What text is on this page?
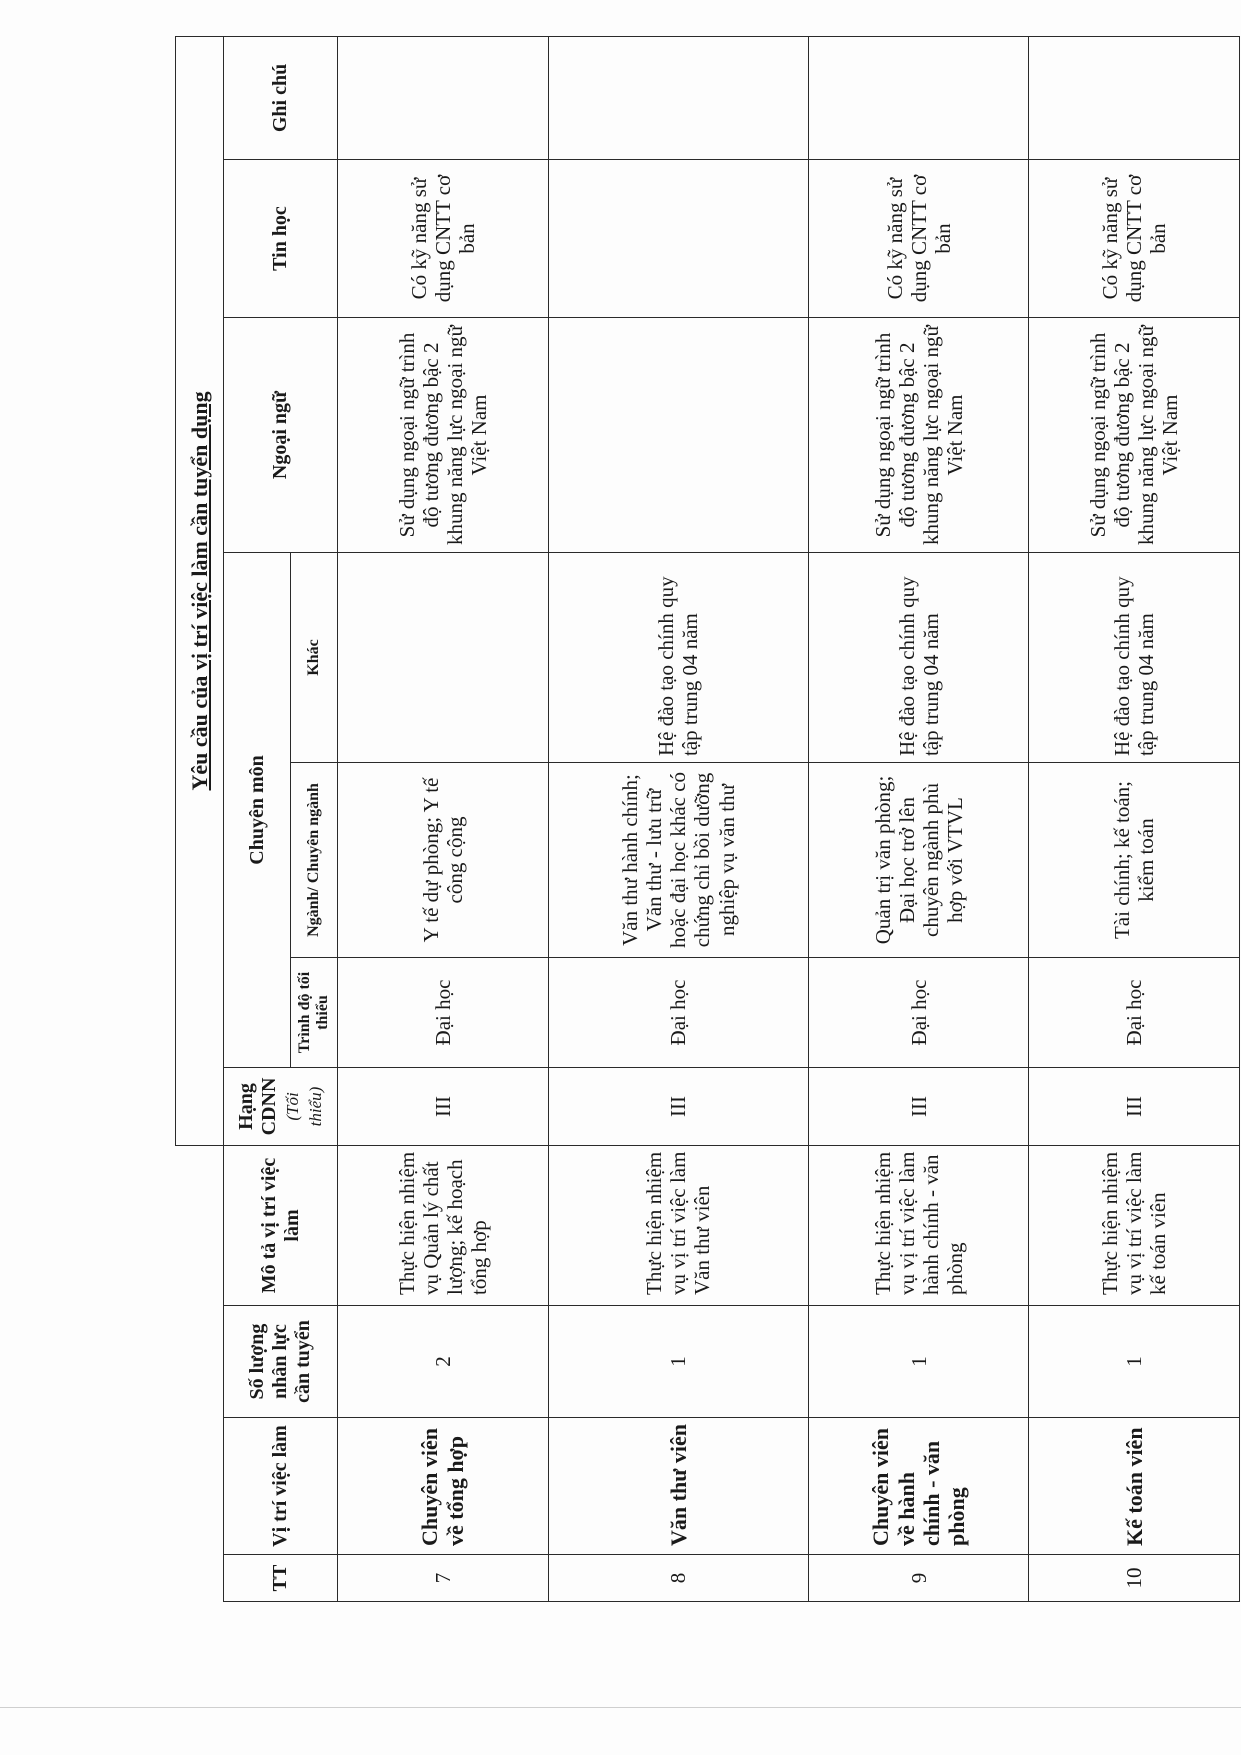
				Yêu cầu của vị trí việc làm cần tuyển dụng						
TT	Vị trí việc làm	Số lượng nhân lực cần tuyển	Mô tả vị trí việc làm	Hạng CDNN (Tối thiểu)	Chuyên môn			Ngoại ngữ	Tin học	Ghi chú
					Trình độ tối thiểu	Ngành/ Chuyên ngành	Khác			

7	Chuyên viên về tổng hợp	2	Thực hiện nhiệm vụ Quản lý chất lượng; kế hoạch tổng hợp	III	Đại học	Y tế dự phòng; Y tế công cộng		Sử dụng ngoại ngữ trình độ tương đương bậc 2 khung năng lực ngoại ngữ Việt Nam	Có kỹ năng sử dụng CNTT cơ bản	
8	Văn thư viên	1	Thực hiện nhiệm vụ vị trí việc làm Văn thư viên	III	Đại học	Văn thư hành chính; Văn thư - lưu trữ hoặc đại học khác có chứng chỉ bồi dưỡng nghiệp vụ văn thư	Hệ đào tạo chính quy tập trung 04 năm			
9	Chuyên viên về hành chính - văn phòng	1	Thực hiện nhiệm vụ vị trí việc làm hành chính - văn phòng	III	Đại học	Quản trị văn phòng; Đại học trở lên chuyên ngành phù hợp với VTVL	Hệ đào tạo chính quy tập trung 04 năm	Sử dụng ngoại ngữ trình độ tương đương bậc 2 khung năng lực ngoại ngữ Việt Nam	Có kỹ năng sử dụng CNTT cơ bản	
10	Kế toán viên	1	Thực hiện nhiệm vụ vị trí việc làm kế toán viên	III	Đại học	Tài chính; kế toán; kiểm toán	Hệ đào tạo chính quy tập trung 04 năm	Sử dụng ngoại ngữ trình độ tương đương bậc 2 khung năng lực ngoại ngữ Việt Nam	Có kỹ năng sử dụng CNTT cơ bản	
